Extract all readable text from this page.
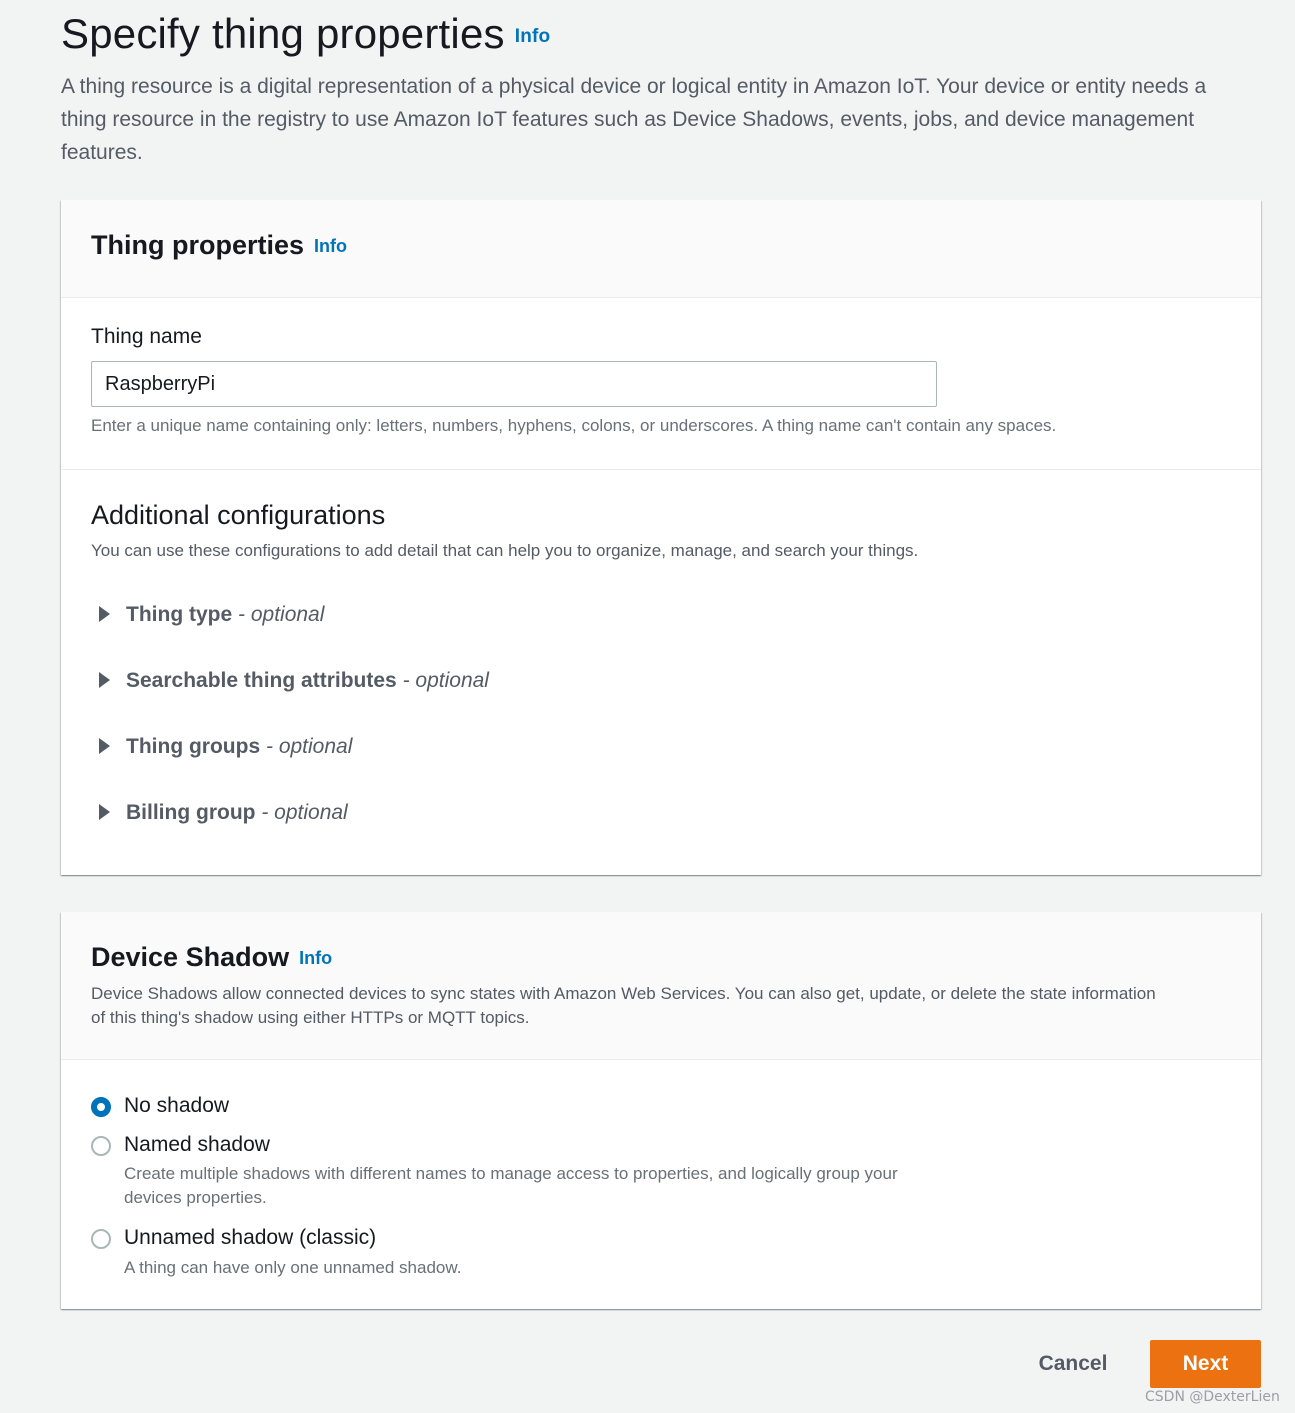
Specify thing properties Info
A thing resource is a digital representation of a physical device or logical entity in Amazon IoT. Your device or entity needs a thing resource in the registry to use Amazon IoT features such as Device Shadows, events, jobs, and device management features.
Thing properties Info
Thing name
RaspberryPi
Enter a unique name containing only: letters, numbers, hyphens, colons, or underscores. A thing name can't contain any spaces.
Additional configurations
You can use these configurations to add detail that can help you to organize, manage, and search your things.
Thing type - optional
Searchable thing attributes - optional
Thing groups - optional
Billing group - optional
Device Shadow Info
Device Shadows allow connected devices to sync states with Amazon Web Services. You can also get, update, or delete the state information of this thing's shadow using either HTTPs or MQTT topics.
No shadow
Named shadow
Create multiple shadows with different names to manage access to properties, and logically group your devices properties.
Unnamed shadow (classic)
A thing can have only one unnamed shadow.
Cancel	Next
CSDN @DexterLien
